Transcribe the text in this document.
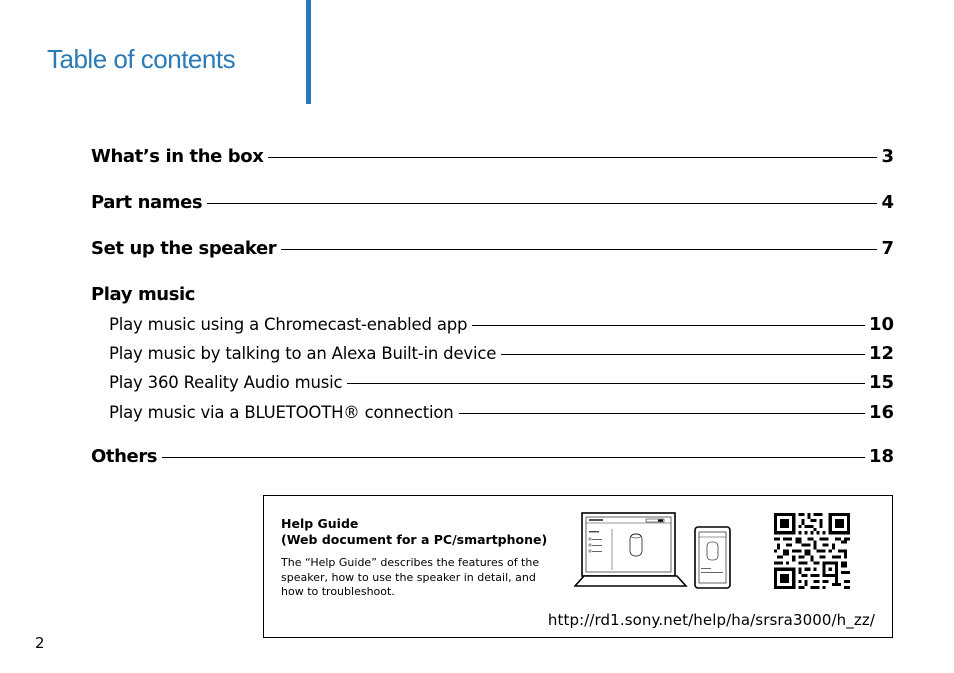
Table of contents
What’s in the box	3
Part names	4
Set up the speaker	7
Play music
Play music using a Chromecast-enabled app	10
Play music by talking to an Alexa Built-in device	12
Play 360 Reality Audio music	15
Play music via a BLUETOOTH® connection	16
Others	18
Help Guide
(Web document for a PC/smartphone)
The “Help Guide” describes the features of the speaker, how to use the speaker in detail, and how to troubleshoot.
http://rd1.sony.net/help/ha/srsra3000/h_zz/
2
